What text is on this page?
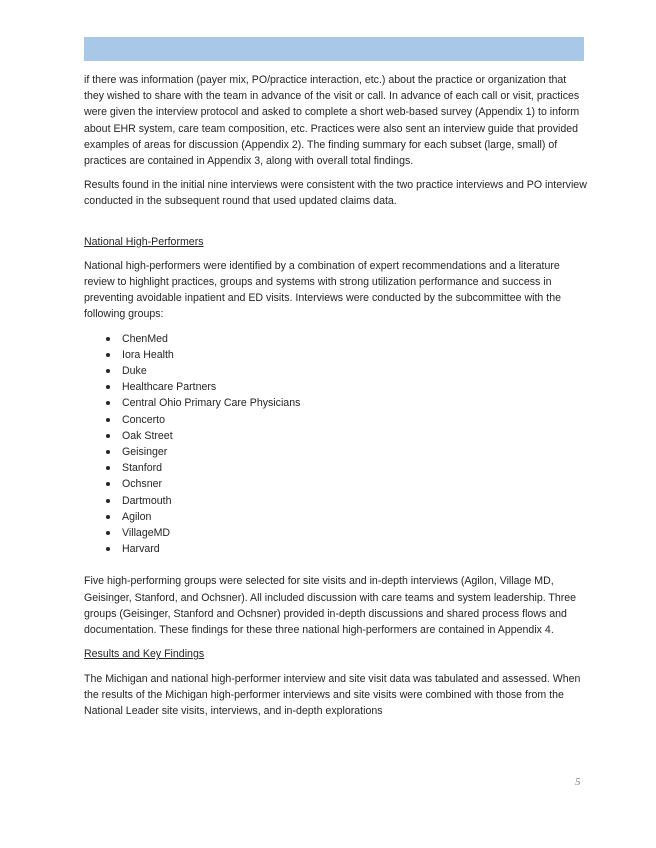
if there was information (payer mix, PO/practice interaction, etc.) about the practice or organization that they wished to share with the team in advance of the visit or call. In advance of each call or visit, practices were given the interview protocol and asked to complete a short web-based survey (Appendix 1) to inform about EHR system, care team composition, etc. Practices were also sent an interview guide that provided examples of areas for discussion (Appendix 2). The finding summary for each subset (large, small) of practices are contained in Appendix 3, along with overall total findings.

Results found in the initial nine interviews were consistent with the two practice interviews and PO interview conducted in the subsequent round that used updated claims data.

National High-Performers

National high-performers were identified by a combination of expert recommendations and a literature review to highlight practices, groups and systems with strong utilization performance and success in preventing avoidable inpatient and ED visits. Interviews were conducted by the subcommittee with the following groups:

ChenMed
Iora Health
Duke
Healthcare Partners
Central Ohio Primary Care Physicians
Concerto
Oak Street
Geisinger
Stanford
Ochsner
Dartmouth
Agilon
VillageMD
Harvard

Five high-performing groups were selected for site visits and in-depth interviews (Agilon, Village MD, Geisinger, Stanford, and Ochsner). All included discussion with care teams and system leadership. Three groups (Geisinger, Stanford and Ochsner) provided in-depth discussions and shared process flows and documentation. These findings for these three national high-performers are contained in Appendix 4.

Results and Key Findings

The Michigan and national high-performer interview and site visit data was tabulated and assessed. When the results of the Michigan high-performer interviews and site visits were combined with those from the National Leader site visits, interviews, and in-depth explorations

5
